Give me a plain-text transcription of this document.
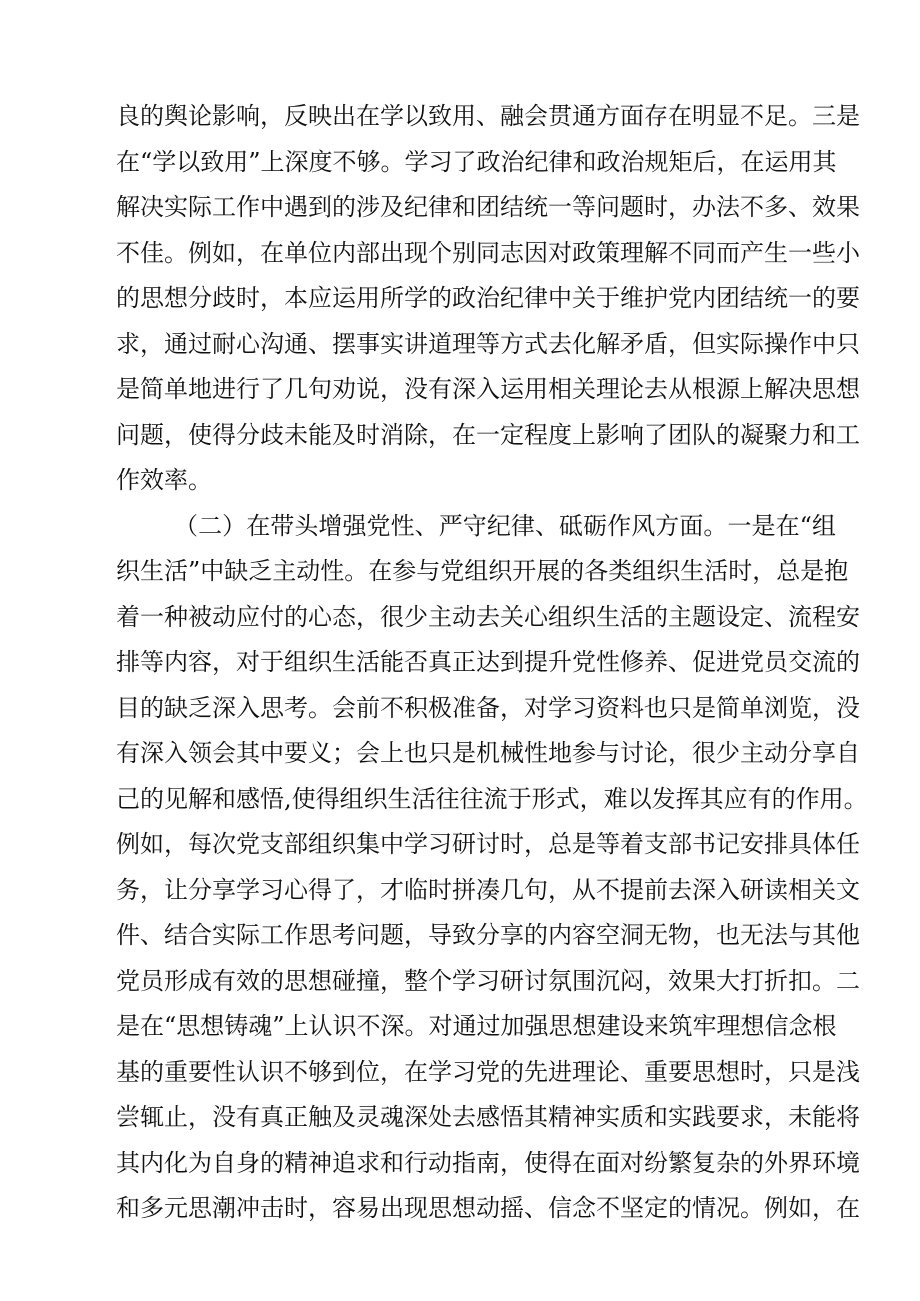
良的舆论影响，反映出在学以致用、融会贯通方面存在明显不足。三是
在“学以致用”上深度不够。学习了政治纪律和政治规矩后，在运用其
解决实际工作中遇到的涉及纪律和团结统一等问题时，办法不多、效果
不佳。例如，在单位内部出现个别同志因对政策理解不同而产生一些小
的思想分歧时，本应运用所学的政治纪律中关于维护党内团结统一的要
求，通过耐心沟通、摆事实讲道理等方式去化解矛盾，但实际操作中只
是简单地进行了几句劝说，没有深入运用相关理论去从根源上解决思想
问题，使得分歧未能及时消除，在一定程度上影响了团队的凝聚力和工
作效率。
（二）在带头增强党性、严守纪律、砥砺作风方面。一是在“组
织生活”中缺乏主动性。在参与党组织开展的各类组织生活时，总是抱
着一种被动应付的心态，很少主动去关心组织生活的主题设定、流程安
排等内容，对于组织生活能否真正达到提升党性修养、促进党员交流的
目的缺乏深入思考。会前不积极准备，对学习资料也只是简单浏览，没
有深入领会其中要义；会上也只是机械性地参与讨论，很少主动分享自
己的见解和感悟,使得组织生活往往流于形式，难以发挥其应有的作用。
例如，每次党支部组织集中学习研讨时，总是等着支部书记安排具体任
务，让分享学习心得了，才临时拼凑几句，从不提前去深入研读相关文
件、结合实际工作思考问题，导致分享的内容空洞无物，也无法与其他
党员形成有效的思想碰撞，整个学习研讨氛围沉闷，效果大打折扣。二
是在“思想铸魂”上认识不深。对通过加强思想建设来筑牢理想信念根
基的重要性认识不够到位，在学习党的先进理论、重要思想时，只是浅
尝辄止，没有真正触及灵魂深处去感悟其精神实质和实践要求，未能将
其内化为自身的精神追求和行动指南，使得在面对纷繁复杂的外界环境
和多元思潮冲击时，容易出现思想动摇、信念不坚定的情况。例如，在
